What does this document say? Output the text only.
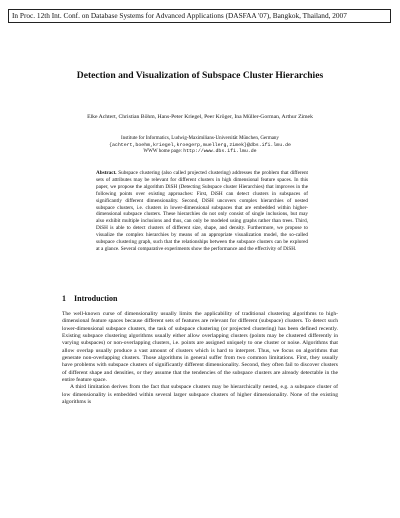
In Proc. 12th Int. Conf. on Database Systems for Advanced Applications (DASFAA '07), Bangkok, Thailand, 2007
Detection and Visualization of Subspace Cluster Hierarchies
Elke Achtert, Christian Böhm, Hans-Peter Kriegel, Peer Kröger, Ina Müller-Gorman, Arthur Zimek
Institute for Informatics, Ludwig-Maximilians-Universität München, Germany
{achtert,boehm,kriegel,kroegerp,muellerg,zimek}@dbs.ifi.lmu.de
WWW home page: http://www.dbs.ifi.lmu.de
Abstract. Subspace clustering (also called projected clustering) addresses the problem that different sets of attributes may be relevant for different clusters in high dimensional feature spaces. In this paper, we propose the algorithm DiSH (Detecting Subspace cluster Hierarchies) that improves in the following points over existing approaches: First, DiSH can detect clusters in subspaces of significantly different dimensionality. Second, DiSH uncovers complex hierarchies of nested subspace clusters, i.e. clusters in lower-dimensional subspaces that are embedded within higher-dimensional subspace clusters. These hierarchies do not only consist of single inclusions, but may also exhibit multiple inclusions and thus, can only be modeled using graphs rather than trees. Third, DiSH is able to detect clusters of different size, shape, and density. Furthermore, we propose to visualize the complex hierarchies by means of an appropriate visualization model, the so-called subspace clustering graph, such that the relationships between the subspace clusters can be explored at a glance. Several comparative experiments show the performance and the effectivity of DiSH.
1 Introduction

The well-known curse of dimensionality usually limits the applicability of traditional clustering algorithms to high-dimensional feature spaces because different sets of features are relevant for different (subspace) clusters. To detect such lower-dimensional subspace clusters, the task of subspace clustering (or projected clustering) has been defined recently. Existing subspace clustering algorithms usually either allow overlapping clusters (points may be clustered differently in varying subspaces) or non-overlapping clusters, i.e. points are assigned uniquely to one cluster or noise. Algorithms that allow overlap usually produce a vast amount of clusters which is hard to interpret. Thus, we focus on algorithms that generate non-overlapping clusters. Those algorithms in general suffer from two common limitations. First, they usually have problems with subspace clusters of significantly different dimensionality. Second, they often fail to discover clusters of different shape and densities, or they assume that the tendencies of the subspace clusters are already detectable in the entire feature space.

A third limitation derives from the fact that subspace clusters may be hierarchically nested, e.g. a subspace cluster of low dimensionality is embedded within several larger subspace clusters of higher dimensionality. None of the existing algorithms is
